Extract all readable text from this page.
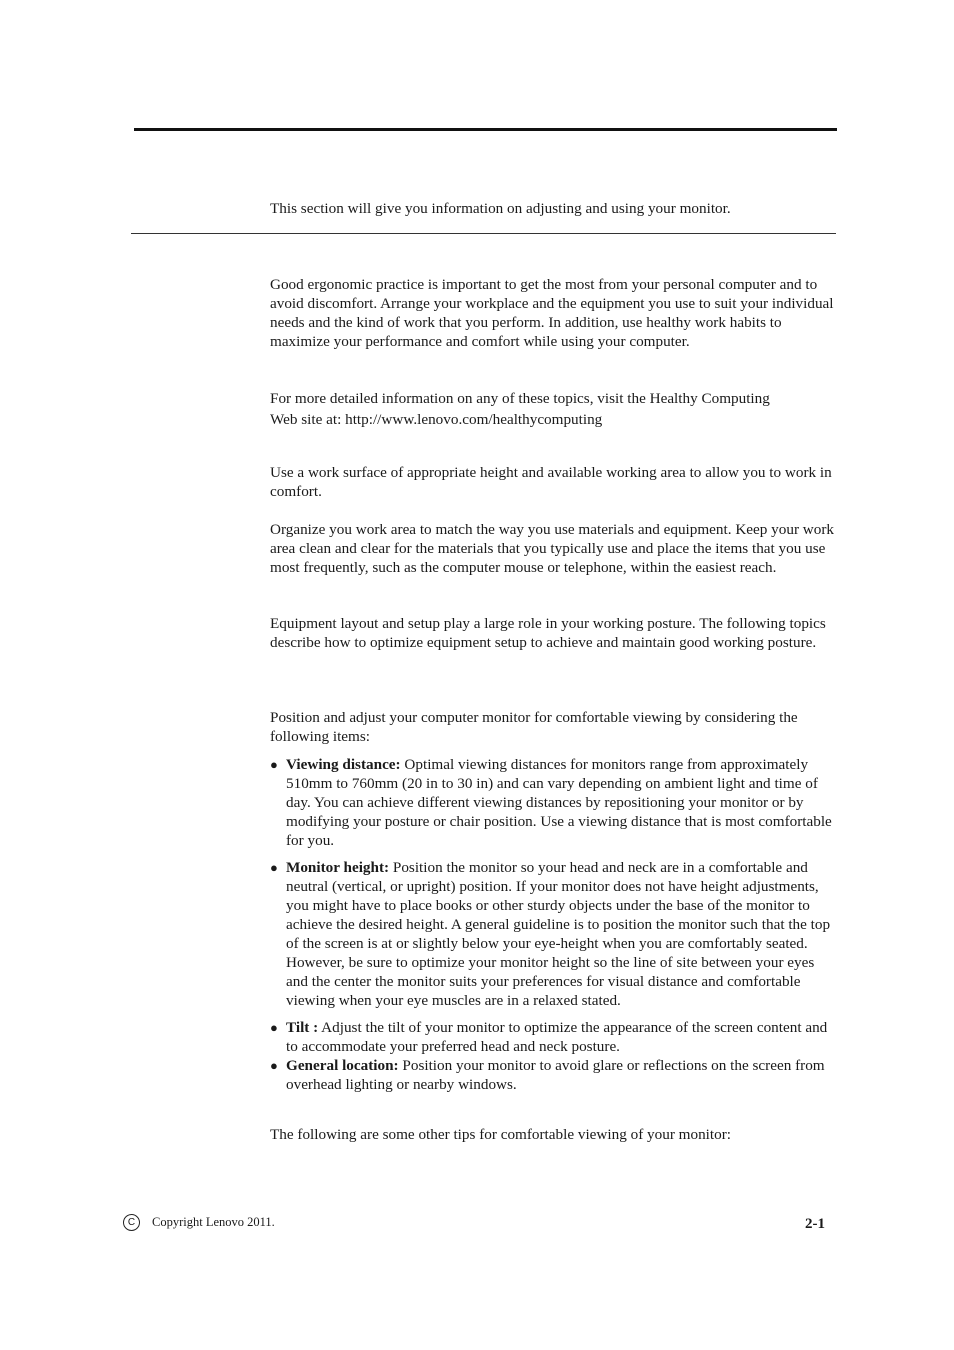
This section will give you information on adjusting and using your monitor.

Good ergonomic practice is important to get the most from your personal computer and to avoid discomfort. Arrange your workplace and the equipment you use to suit your individual needs and the kind of work that you perform. In addition, use healthy work habits to maximize your performance and comfort while using your computer.

For more detailed information on any of these topics, visit the Healthy Computing
Web site at: http://www.lenovo.com/healthycomputing

Use a work surface of appropriate height and available working area to allow you to work in comfort.

Organize you work area to match the way you use materials and equipment. Keep your work area clean and clear for the materials that you typically use and place the items that you use most frequently, such as the computer mouse or telephone, within the easiest reach.

Equipment layout and setup play a large role in your working posture. The following topics describe how to optimize equipment setup to achieve and maintain good working posture.

Position and adjust your computer monitor for comfortable viewing by considering the following items:

● Viewing distance: Optimal viewing distances for monitors range from approximately 510mm to 760mm (20 in to 30 in) and can vary depending on ambient light and time of day. You can achieve different viewing distances by repositioning your monitor or by modifying your posture or chair position. Use a viewing distance that is most comfortable for you.
● Monitor height: Position the monitor so your head and neck are in a comfortable and neutral (vertical, or upright) position. If your monitor does not have height adjustments, you might have to place books or other sturdy objects under the base of the monitor to achieve the desired height. A general guideline is to position the monitor such that the top of the screen is at or slightly below your eye-height when you are comfortably seated. However, be sure to optimize your monitor height so the line of site between your eyes and the center the monitor suits your preferences for visual distance and comfortable viewing when your eye muscles are in a relaxed stated.
● Tilt : Adjust the tilt of your monitor to optimize the appearance of the screen content and to accommodate your preferred head and neck posture.
● General location: Position your monitor to avoid glare or reflections on the screen from overhead lighting or nearby windows.

The following are some other tips for comfortable viewing of your monitor:

C	Copyright Lenovo 2011.	2-1
